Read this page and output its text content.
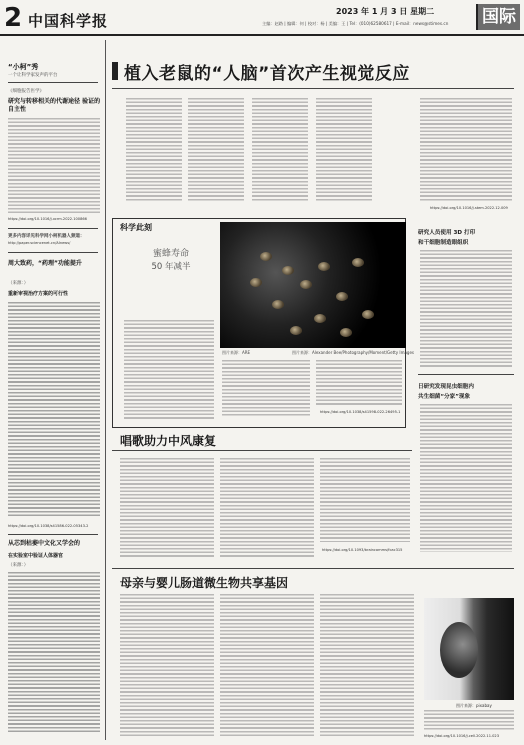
2 中国科学报
2023 年 1 月 3 日 星期二
主编：赵路 | 编辑：何 | 校对：杨 | 美编：王 | Tel：(010)62580617 | E-mail：news@stimes.cn	国际
“小柯”秀
一个让科学家发声的平台
《细胞报告医学》
研究与转移相关的代谢途径 验证的自主性
https://doi.org/10.1016/j.xcrm.2022.100866
更多内容详见科学网小柯机器人频道：
http://paper.sciencenet.cn/AInews/
周大致药，“药理”功能提升
（来源：）
重新审视治疗方案的可行性
https://doi.org/10.1038/s41586-022-05343-2
从芯到枯萎中文化又学会的
在实验室中验证人体器官
（来源：）
植入老鼠的“人脑”首次产生视觉反应
https://doi.org/10.1016/j.stem.2022.12.009
科学此刻
蜜蜂寿命
50 年减半
图片来源：ARE	图片来源：Alexander Bee/Photography/Moment/Getty Images
https://doi.org/10.1038/s41598-022-26495-1
研究人员使用 3D 打印
和干细胞制造眼组织
日研究发现昆虫细胞内
共生细菌“分家”现象
唱歌助力中风康复
https://doi.org/10.1093/braincomms/fcac315
母亲与婴儿肠道微生物共享基因
图片来源：pixabay
https://doi.org/10.1016/j.cell.2022.11.023
